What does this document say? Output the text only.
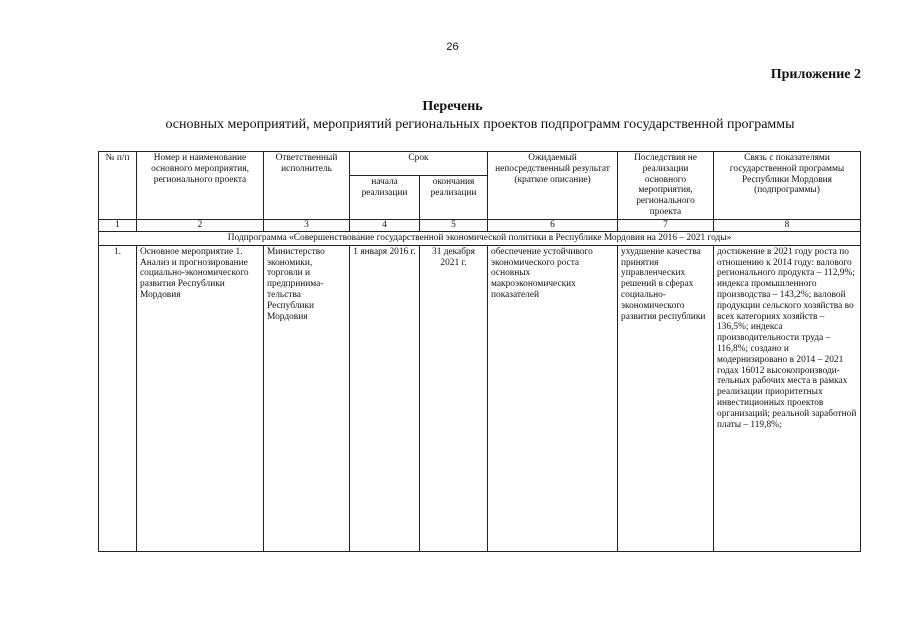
26
Приложение 2
Перечень
основных мероприятий, мероприятий региональных проектов подпрограмм государственной программы
№ п/п	Номер и наименование основного мероприятия, регионального проекта	Ответственный исполнитель	Срок		Ожидаемый непосредственный результат (краткое описание)	Последствия не реализации основного мероприятия, регионального проекта	Связь с показателями государственной программы Республики Мордовия (подпрограммы)
			начала реализации	окончания реализации			
1	2	3	4	5	6	7	8
Подпрограмма «Совершенствование государственной экономической политики в Республике Мордовия на 2016 – 2021 годы»							
1.	Основное мероприятие 1. Анализ и прогнозирование социально-экономического развития Республики Мордовия	Министерство экономики, торговли и предпринима-тельства Республики Мордовия	1 января 2016 г.	31 декабря 2021 г.	обеспечение устойчивого экономического роста основных макроэкономических показателей	ухудшение качества принятия управленческих решений в сферах социально-экономического развития республики	достижение в 2021 году роста по отношению к 2014 году: валового регионального продукта – 112,9%; индекса промышленного производства – 143,2%; валовой продукции сельского хозяйства во всех категориях хозяйств – 136,5%; индекса производительности труда – 116,8%; создано и модернизировано в 2014 – 2021 годах 16012 высокопроизводи-тельных рабочих места в рамках реализации приоритетных инвестиционных проектов организаций; реальной заработной платы – 119,8%;
